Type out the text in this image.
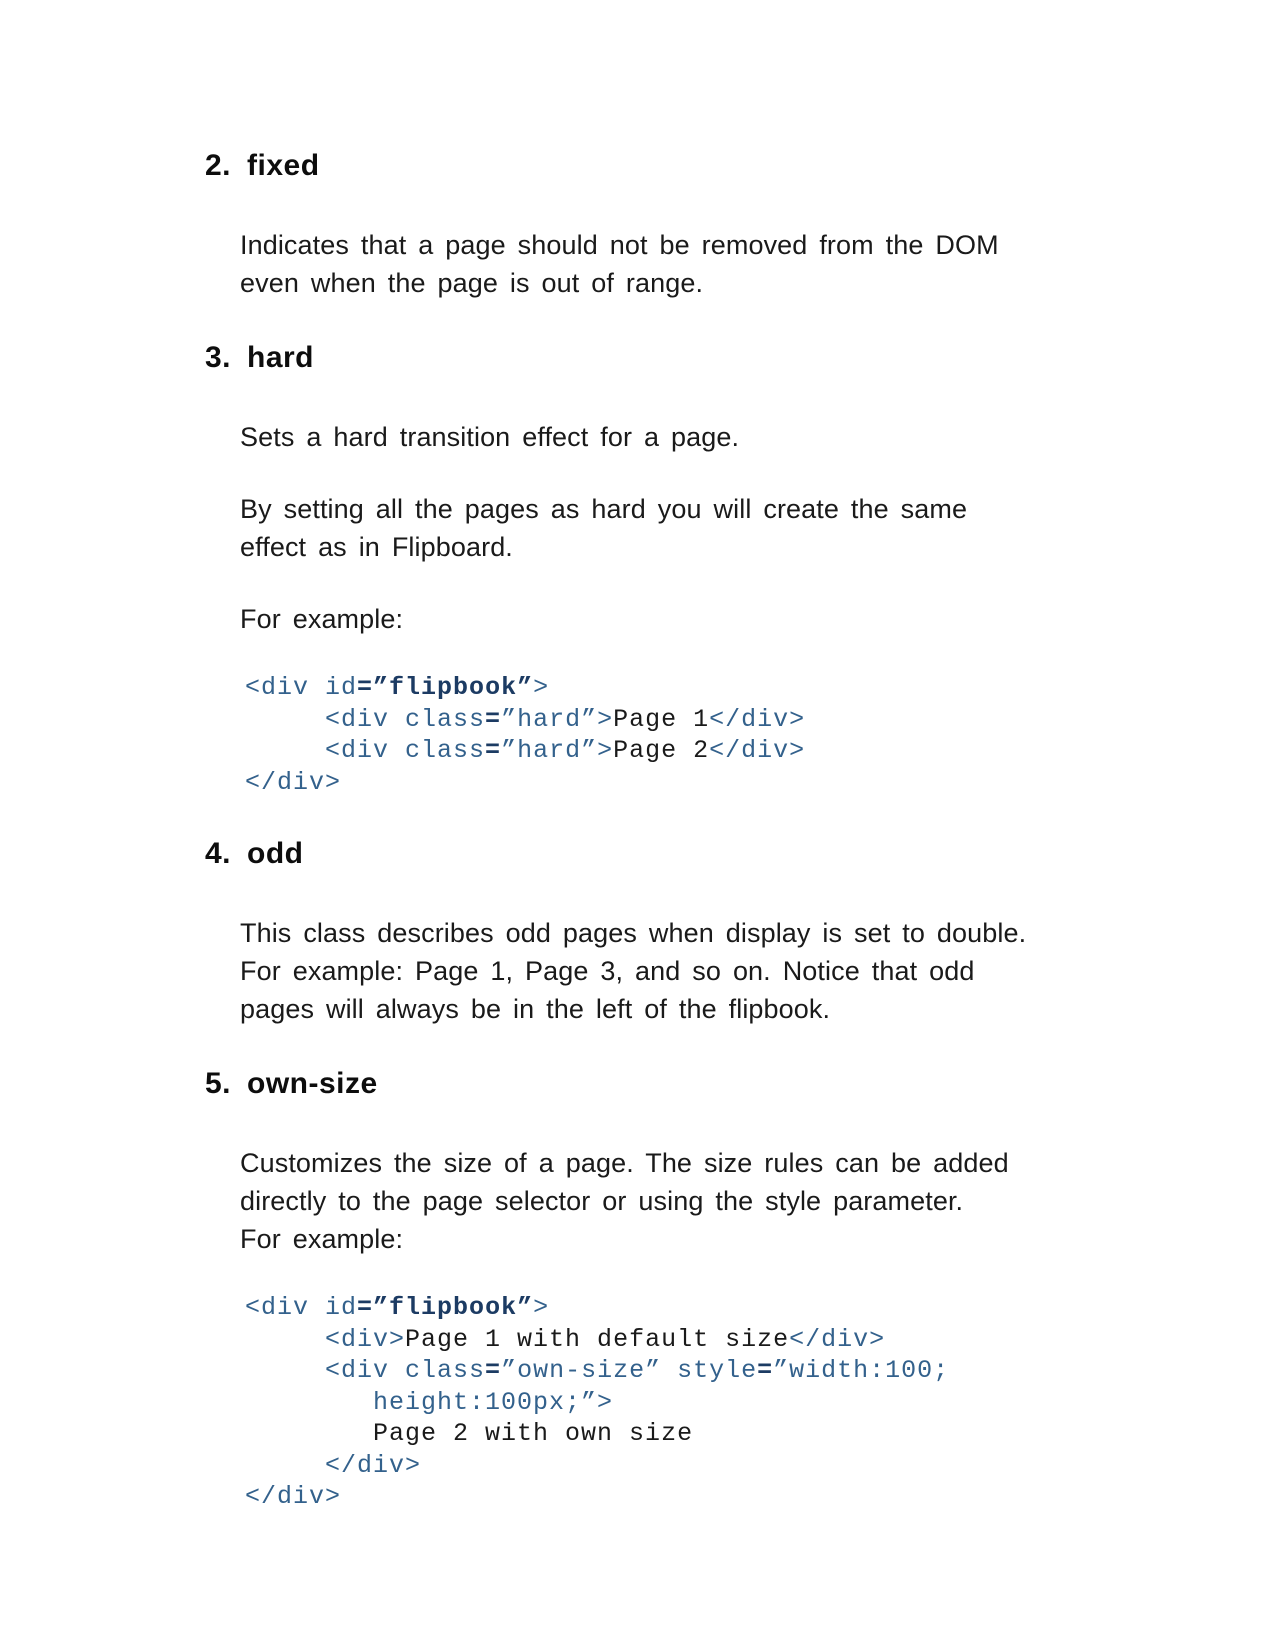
2. fixed
Indicates that a page should not be removed from the DOM
even when the page is out of range.
3. hard
Sets a hard transition effect for a page.
By setting all the pages as hard you will create the same
effect as in Flipboard.
For example:
<div id=”flipbook”>
<div class=”hard”>Page 1</div>
<div class=”hard”>Page 2</div>
</div>
4. odd
This class describes odd pages when display is set to double.
For example: Page 1, Page 3, and so on. Notice that odd
pages will always be in the left of the flipbook.
5. own-size
Customizes the size of a page. The size rules can be added
directly to the page selector or using the style parameter.
For example:
<div id=”flipbook”>
<div>Page 1 with default size</div>
<div class=”own-size” style=”width:100;
height:100px;”>
Page 2 with own size
</div>
</div>
